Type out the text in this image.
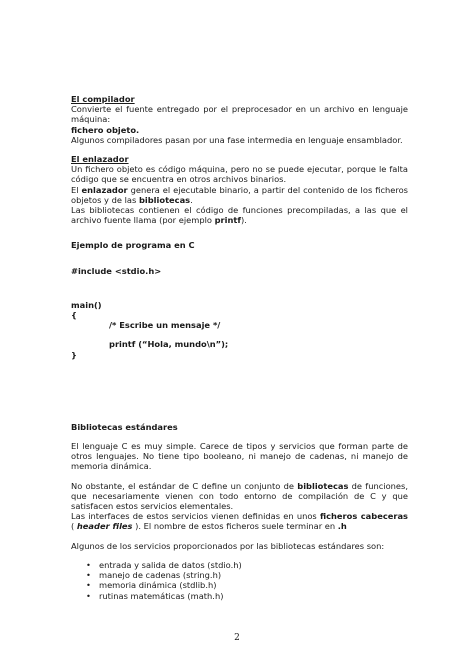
El compilador

Convierte el fuente entregado por el preprocesador en un archivo en lenguaje máquina:
fichero objeto.

Algunos compiladores pasan por una fase intermedia en lenguaje ensamblador.

El enlazador

Un fichero objeto es código máquina, pero no se puede ejecutar, porque le falta código que se encuentra en otros archivos binarios.

El enlazador genera el ejecutable binario, a partir del contenido de los ficheros objetos y de las bibliotecas.

Las bibliotecas contienen el código de funciones precompiladas, a las que el archivo fuente llama (por ejemplo printf).

Ejemplo de programa en C

#include <stdio.h>

main()

{

/* Escribe un mensaje */

printf (“Hola, mundo\n”);

}

Bibliotecas estándares

El lenguaje C es muy simple. Carece de tipos y servicios que forman parte de otros lenguajes. No tiene tipo booleano, ni manejo de cadenas, ni manejo de memoria dinámica.

No obstante, el estándar de C define un conjunto de bibliotecas de funciones, que necesariamente vienen con todo entorno de compilación de C y que satisfacen estos servicios elementales.

Las interfaces de estos servicios vienen definidas en unos ficheros cabeceras ( header files ). El nombre de estos ficheros suele terminar en .h

Algunos de los servicios proporcionados por las bibliotecas estándares son:

• entrada y salida de datos (stdio.h)
• manejo de cadenas (string.h)
• memoria dinámica (stdlib.h)
• rutinas matemáticas (math.h)
2
